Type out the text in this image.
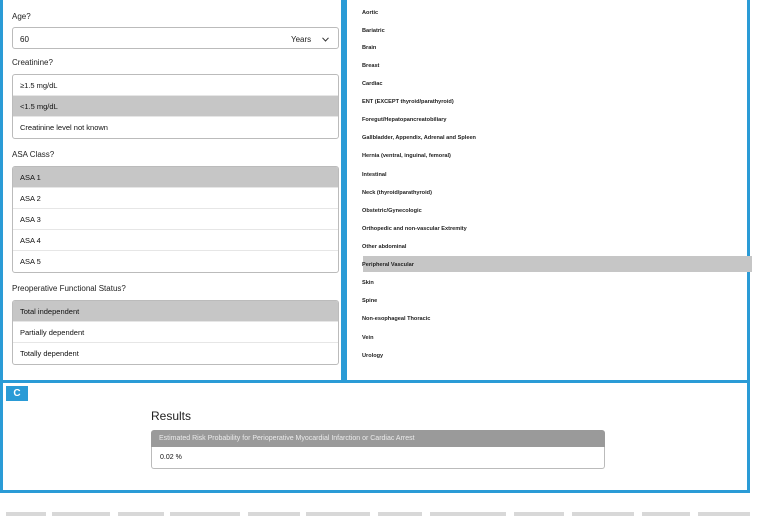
Age?
60	Years
Creatinine?
≥1.5 mg/dL
<1.5 mg/dL
Creatinine level not known
ASA Class?
ASA 1
ASA 2
ASA 3
ASA 4
ASA 5
Preoperative Functional Status?
Total independent
Partially dependent
Totally dependent
Aortic
Bariatric
Brain
Breast
Cardiac
ENT (EXCEPT thyroid/parathyroid)
Foregut/Hepatopancreatobiliary
Gallbladder, Appendix, Adrenal and Spleen
Hernia (ventral, inguinal, femoral)
Intestinal
Neck (thyroid/parathyroid)
Obstetric/Gynecologic
Orthopedic and non-vascular Extremity
Other abdominal
Peripheral Vascular
Skin
Spine
Non-esophageal Thoracic
Vein
Urology
C
Results
Estimated Risk Probability for Perioperative Myocardial Infarction or Cardiac Arrest
0.02 %
